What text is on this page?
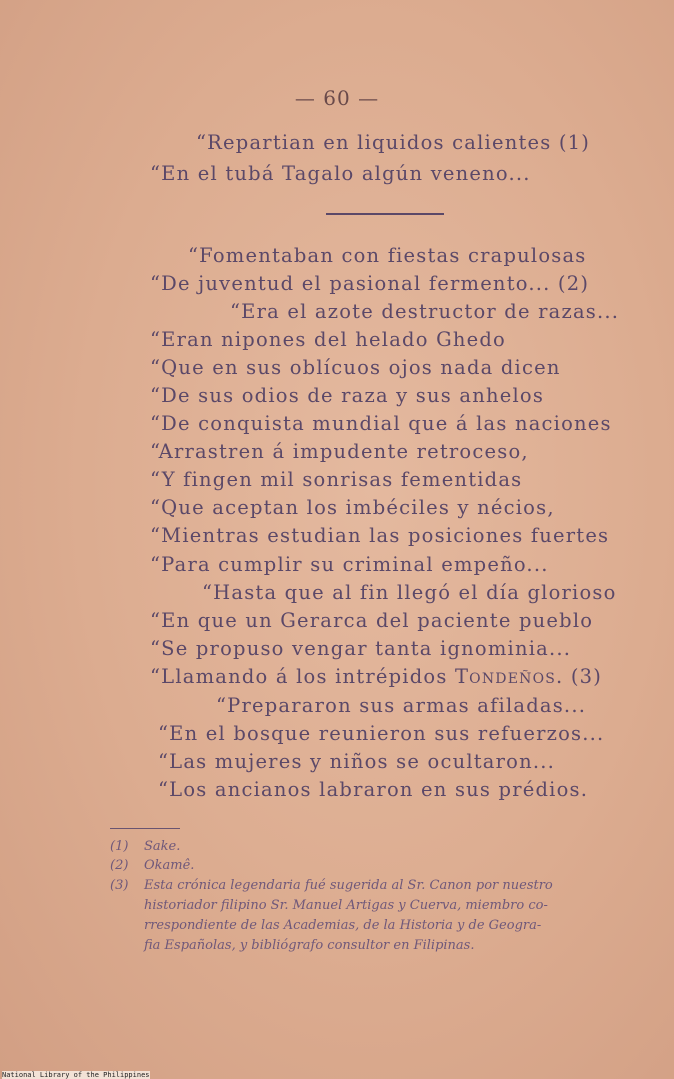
— 60 —
“Repartian en liquidos calientes (1)
“En el tubá Tagalo algún veneno...
“Fomentaban con fiestas crapulosas
“De juventud el pasional fermento... (2)
“Era el azote destructor de razas...
“Eran nipones del helado Ghedo
“Que en sus oblícuos ojos nada dicen
“De sus odios de raza y sus anhelos
“De conquista mundial que á las naciones
“Arrastren á impudente retroceso,
“Y fingen mil sonrisas fementidas
“Que aceptan los imbéciles y nécios,
“Mientras estudian las posiciones fuertes
“Para cumplir su criminal empeño...
“Hasta que al fin llegó el día glorioso
“En que un Gerarca del paciente pueblo
“Se propuso vengar tanta ignominia...
“Llamando á los intrépidos Tondeños. (3)
“Prepararon sus armas afiladas...
“En el bosque reunieron sus refuerzos...
“Las mujeres y niños se ocultaron...
“Los ancianos labraron en sus prédios.
(1) Sake.
(2) Okamê.
(3) Esta crónica legendaria fué sugerida al Sr. Canon por nuestro
historiador filipino Sr. Manuel Artigas y Cuerva, miembro co-
rrespondiente de las Academias, de la Historia y de Geogra-
fia Españolas, y bibliógrafo consultor en Filipinas.
National Library of the Philippines
